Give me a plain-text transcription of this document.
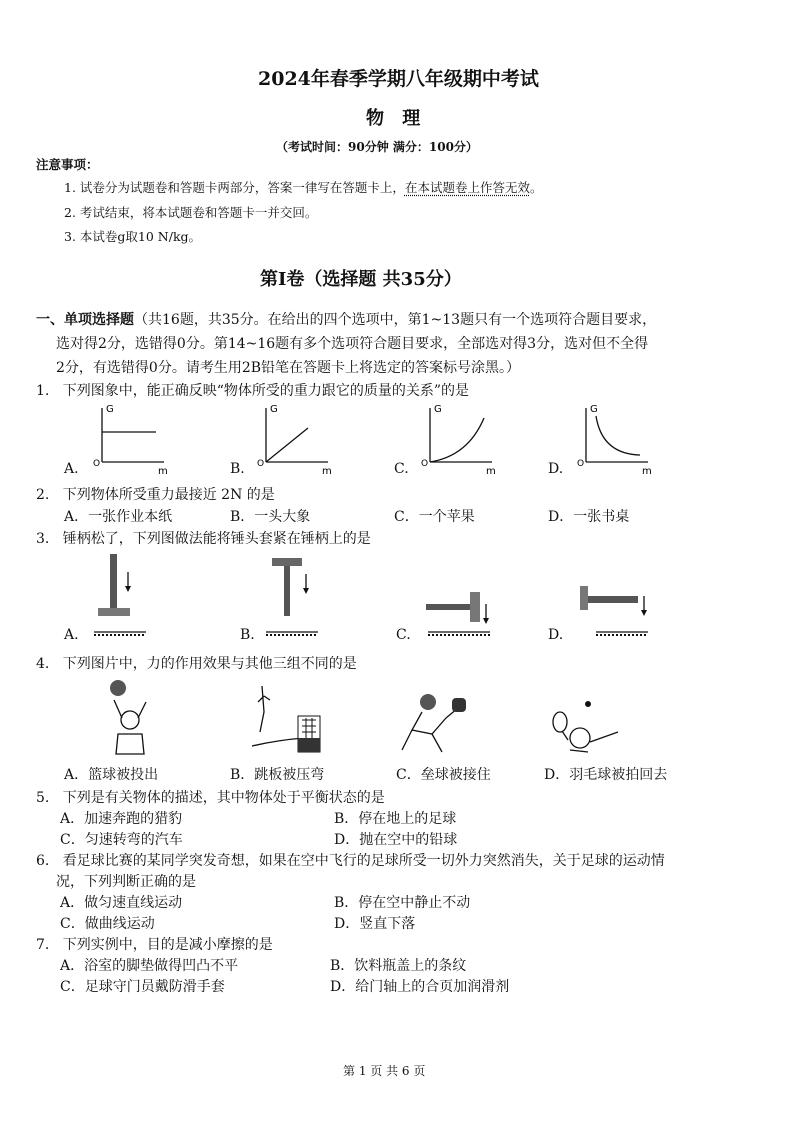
2024年春季学期八年级期中考试
物 理
（考试时间：90分钟 满分：100分）
注意事项：
1. 试卷分为试题卷和答题卡两部分，答案一律写在答题卡上，在本试题卷上作答无效。
2. 考试结束，将本试题卷和答题卡一并交回。
3. 本试卷g取10 N/kg。
第Ⅰ卷（选择题 共35分）
一、单项选择题（共16题，共35分。在给出的四个选项中，第1~13题只有一个选项符合题目要求，
选对得2分，选错得0分。第14~16题有多个选项符合题目要求，全部选对得3分，选对但不全得
2分，有选错得0分。请考生用2B铅笔在答题卡上将选定的答案标号涂黑。）
1. 下列图象中，能正确反映“物体所受的重力跟它的质量的关系”的是
G
m
O
G
m
O
G
m
O
G
m
O
A.	B.	C.	D.
2. 下列物体所受重力最接近 2N 的是
A．一张作业本纸	B．一头大象	C．一个苹果	D．一张书桌
3. 锤柄松了，下列图做法能将锤头套紧在锤柄上的是
A.	B.	C.	D.
4. 下列图片中，力的作用效果与其他三组不同的是
A．篮球被投出	B．跳板被压弯	C．垒球被接住	D．羽毛球被拍回去
5. 下列是有关物体的描述，其中物体处于平衡状态的是
A．加速奔跑的猎豹	B．停在地上的足球
C．匀速转弯的汽车	D．抛在空中的铅球
6. 看足球比赛的某同学突发奇想，如果在空中飞行的足球所受一切外力突然消失，关于足球的运动情
况，下列判断正确的是
A．做匀速直线运动	B．停在空中静止不动
C．做曲线运动	D．竖直下落
7. 下列实例中，目的是减小摩擦的是
A．浴室的脚垫做得凹凸不平	B．饮料瓶盖上的条纹
C．足球守门员戴防滑手套	D．给门轴上的合页加润滑剂
第 1 页 共 6 页
